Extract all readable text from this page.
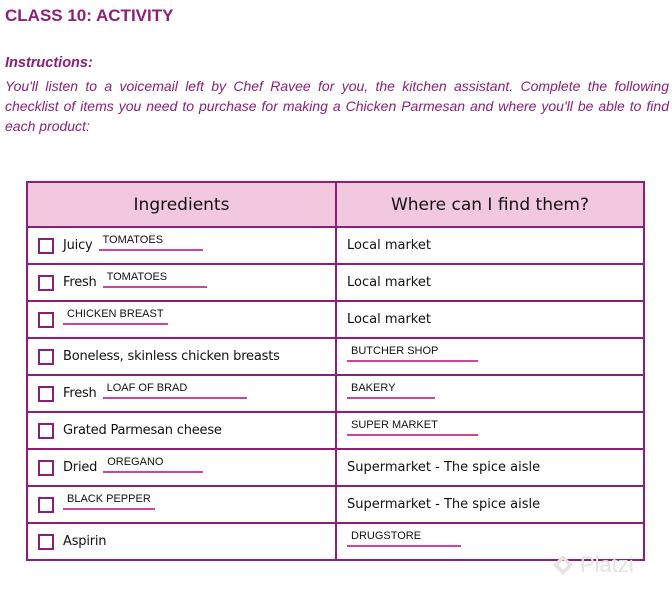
CLASS 10: ACTIVITY

Instructions:

You'll listen to a voicemail left by Chef Ravee for you, the kitchen assistant. Complete the following checklist of items you need to purchase for making a Chicken Parmesan and where you'll be able to find each product:

Ingredients	Where can I find them?

Juicy TOMATOES	Local market

Fresh TOMATOES	Local market

CHICKEN BREAST	Local market

Boneless, skinless chicken breasts	BUTCHER SHOP

Fresh LOAF OF BRAD	BAKERY

Grated Parmesan cheese	SUPER MARKET

Dried OREGANO	Supermarket - The spice aisle

BLACK PEPPER	Supermarket - The spice aisle

Aspirin	DRUGSTORE
Platzi
